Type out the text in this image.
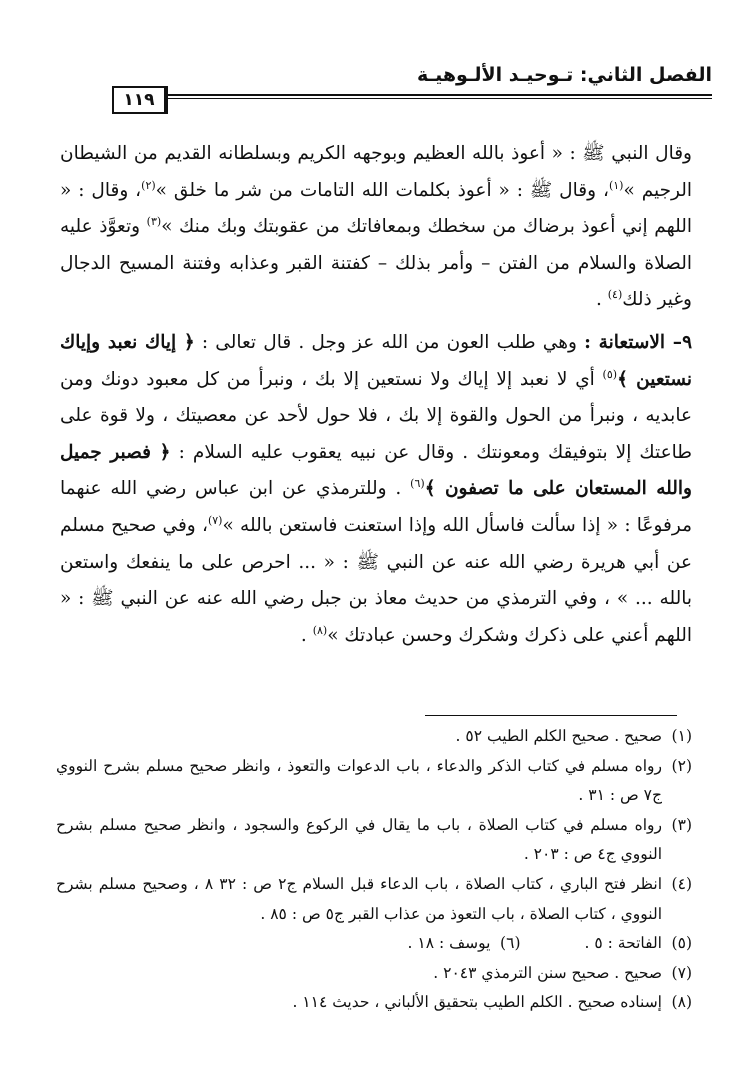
الفصل الثاني: تـوحيـد الألـوهيـة
١١٩

وقال النبي ﷺ : « أعوذ بالله العظيم وبوجهه الكريم وبسلطانه القديم من الشيطان الرجيم »$^{(١)}$، وقال ﷺ : « أعوذ بكلمات الله التامات من شر ما خلق »$^{(٢)}$، وقال : « اللهم إني أعوذ برضاك من سخطك وبمعافاتك من عقوبتك وبك منك »$^{(٣)}$ وتعوَّذ عليه الصلاة والسلام من الفتن – وأمر بذلك – كفتنة القبر وعذابه وفتنة المسيح الدجال وغير ذلك$^{(٤)}$ .

٩– الاستعانة : وهي طلب العون من الله عز وجل . قال تعالى : ﴿ إياك نعبد وإياك نستعين ﴾$^{(٥)}$ أي لا نعبد إلا إياك ولا نستعين إلا بك ، ونبرأ من كل معبود دونك ومن عابديه ، ونبرأ من الحول والقوة إلا بك ، فلا حول لأحد عن معصيتك ، ولا قوة على طاعتك إلا بتوفيقك ومعونتك . وقال عن نبيه يعقوب عليه السلام : ﴿ فصبر جميل والله المستعان على ما تصفون ﴾$^{(٦)}$ . وللترمذي عن ابن عباس رضي الله عنهما مرفوعًا : « إذا سألت فاسأل الله وإذا استعنت فاستعن بالله »$^{(٧)}$، وفي صحيح مسلم عن أبي هريرة رضي الله عنه عن النبي ﷺ : « ... احرص على ما ينفعك واستعن بالله ... » ، وفي الترمذي من حديث معاذ بن جبل رضي الله عنه عن النبي ﷺ : « اللهم أعني على ذكرك وشكرك وحسن عبادتك »$^{(٨)}$ .

(١)
صحيح . صحيح الكلم الطيب ٥٢ .
(٢)
رواه مسلم في كتاب الذكر والدعاء ، باب الدعوات والتعوذ ، وانظر صحيح مسلم بشرح النووي ج٧ ص : ٣١ .
(٣)
رواه مسلم في كتاب الصلاة ، باب ما يقال في الركوع والسجود ، وانظر صحيح مسلم بشرح النووي ج٤ ص : ٢٠٣ .
(٤)
انظر فتح الباري ، كتاب الصلاة ، باب الدعاء قبل السلام ج٢ ص : ٣٢ ٨ ، وصحيح مسلم بشرح النووي ، كتاب الصلاة ، باب التعوذ من عذاب القبر ج٥ ص : ٨٥ .
(٥)
الفاتحة : ٥ .
(٦)
يوسف : ١٨ .
(٧)
صحيح . صحيح سنن الترمذي ٢٠٤٣ .
(٨)
إسناده صحيح . الكلم الطيب بتحقيق الألباني ، حديث ١١٤ .
